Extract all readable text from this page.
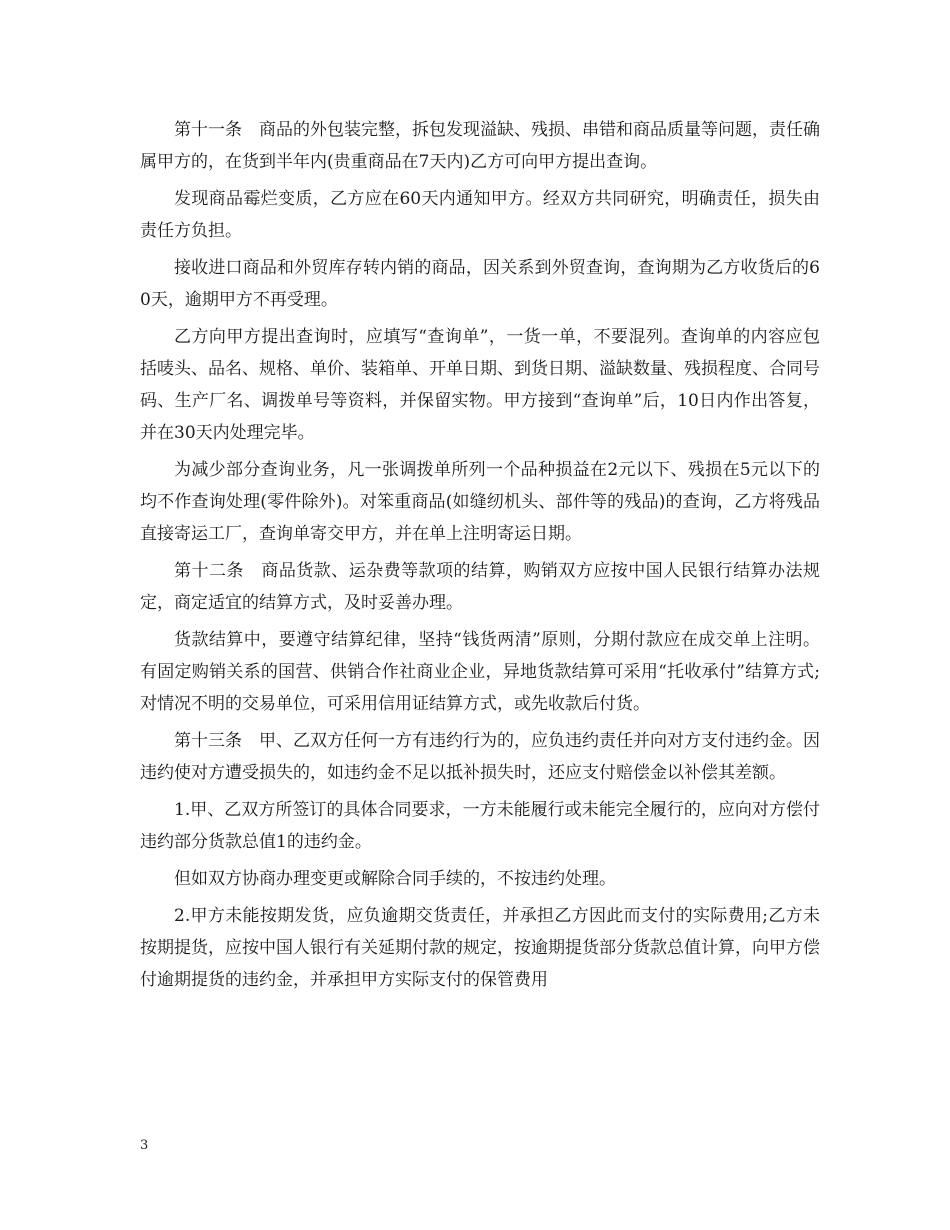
第十一条　商品的外包装完整，拆包发现溢缺、残损、串错和商品质量等问题，责任确属甲方的，在货到半年内(贵重商品在7天内)乙方可向甲方提出查询。

发现商品霉烂变质，乙方应在60天内通知甲方。经双方共同研究，明确责任，损失由责任方负担。

接收进口商品和外贸库存转内销的商品，因关系到外贸查询，查询期为乙方收货后的60天，逾期甲方不再受理。

乙方向甲方提出查询时，应填写“查询单”，一货一单，不要混列。查询单的内容应包括唛头、品名、规格、单价、装箱单、开单日期、到货日期、溢缺数量、残损程度、合同号码、生产厂名、调拨单号等资料，并保留实物。甲方接到“查询单”后，10日内作出答复，并在30天内处理完毕。

为减少部分查询业务，凡一张调拨单所列一个品种损益在2元以下、残损在5元以下的均不作查询处理(零件除外)。对笨重商品(如缝纫机头、部件等的残品)的查询，乙方将残品直接寄运工厂，查询单寄交甲方，并在单上注明寄运日期。

第十二条　商品货款、运杂费等款项的结算，购销双方应按中国人民银行结算办法规定，商定适宜的结算方式，及时妥善办理。

货款结算中，要遵守结算纪律，坚持“钱货两清”原则，分期付款应在成交单上注明。有固定购销关系的国营、供销合作社商业企业，异地货款结算可采用“托收承付”结算方式;对情况不明的交易单位，可采用信用证结算方式，或先收款后付货。

第十三条　甲、乙双方任何一方有违约行为的，应负违约责任并向对方支付违约金。因违约使对方遭受损失的，如违约金不足以抵补损失时，还应支付赔偿金以补偿其差额。

1.甲、乙双方所签订的具体合同要求，一方未能履行或未能完全履行的，应向对方偿付违约部分货款总值1的违约金。

但如双方协商办理变更或解除合同手续的，不按违约处理。

2.甲方未能按期发货，应负逾期交货责任，并承担乙方因此而支付的实际费用;乙方未按期提货，应按中国人银行有关延期付款的规定，按逾期提货部分货款总值计算，向甲方偿付逾期提货的违约金，并承担甲方实际支付的保管费用

3
